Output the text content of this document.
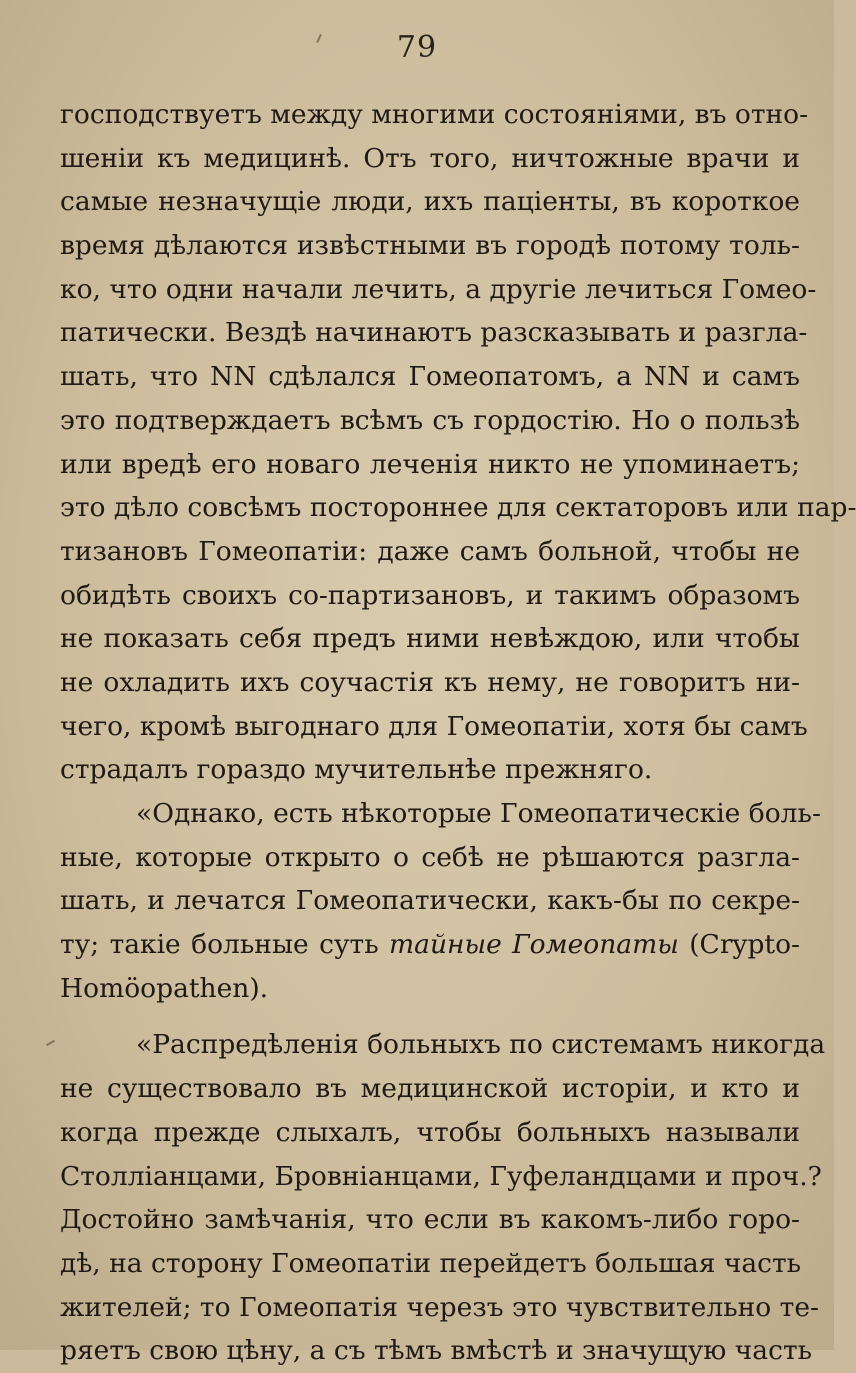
79
господствуетъ между многими состояніями, въ отно-
шеніи къ медицинѣ. Отъ того, ничтожные врачи и
самые незначущіе люди, ихъ паціенты, въ короткое
время дѣлаются извѣстными въ городѣ потому толь-
ко, что одни начали лечить, а другіе лечиться Гомео-
патически. Вездѣ начинаютъ разсказывать и разгла-
шать, что NN сдѣлался Гомеопатомъ, а NN и самъ
это подтверждаетъ всѣмъ съ гордостію. Но о пользѣ
или вредѣ его новаго леченія никто не упоминаетъ;
это дѣло совсѣмъ постороннее для сектаторовъ или пар-
тизановъ Гомеопатіи: даже самъ больной, чтобы не
обидѣть своихъ со-партизановъ, и такимъ образомъ
не показать себя предъ ними невѣждою, или чтобы
не охладить ихъ соучастія къ нему, не говоритъ ни-
чего, кромѣ выгоднаго для Гомеопатіи, хотя бы самъ
страдалъ гораздо мучительнѣе прежняго.
«Однако, есть нѣкоторые Гомеопатическіе боль-
ные, которые открыто о себѣ не рѣшаются разгла-
шать, и лечатся Гомеопатически, какъ-бы по секре-
ту; такіе больные суть тайные Гомеопаты (Crypto-
Homöopathen).
«Распредѣленія больныхъ по системамъ никогда
не существовало въ медицинской исторіи, и кто и
когда прежде слыхалъ, чтобы больныхъ называли
Столліанцами, Бровніанцами, Гуфеландцами и проч.?
Достойно замѣчанія, что если въ какомъ-либо горо-
дѣ, на сторону Гомеопатіи перейдетъ большая часть
жителей; то Гомеопатія черезъ это чувствительно те-
ряетъ свою цѣну, а съ тѣмъ вмѣстѣ и значущую часть
